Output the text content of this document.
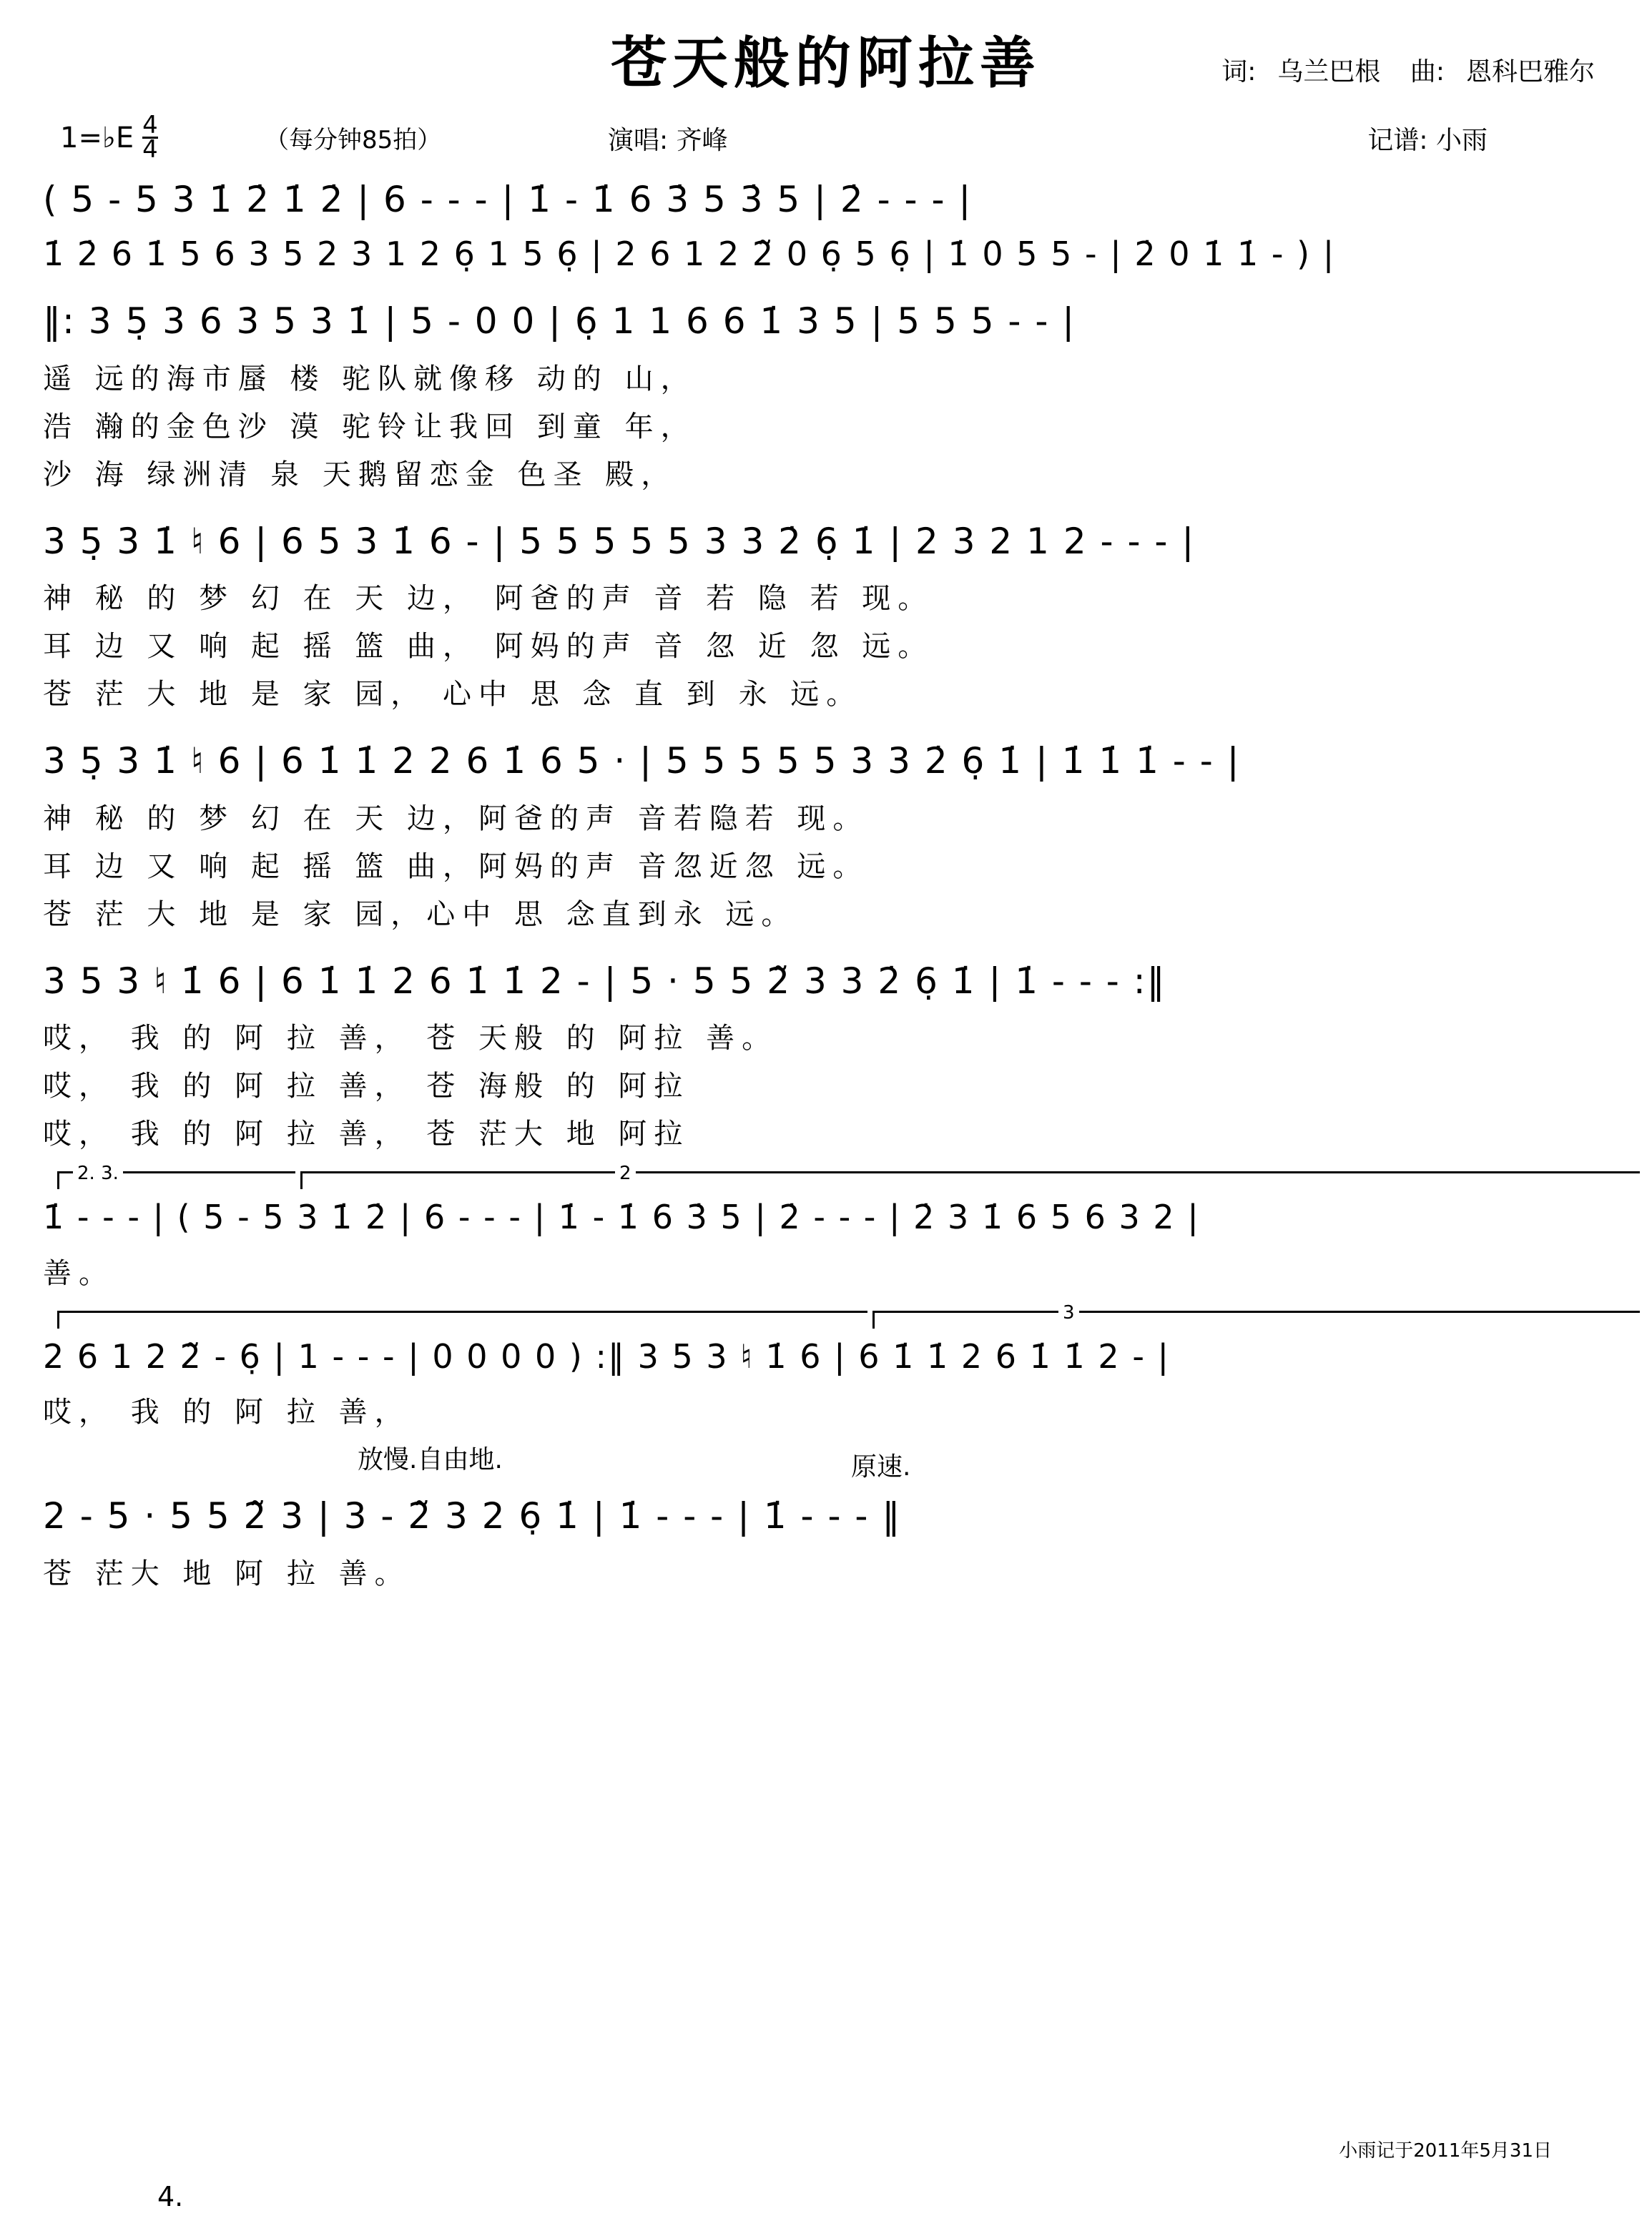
苍天般的阿拉善	词: 乌兰巴根 曲: 恩科巴雅尔
1= ♭E $\frac{4}{4}$	（每分钟85拍）	演唱: 齐峰	记谱: 小雨
( 5 - 5 3 1̇ 2̇ 1̇ 2̇ | 6 - - - | 1̇ - 1̇ 6 3̇ 5 3̇ 5 | 2̇ - - - |
1̇ 2̇ 6 1̇ 5 6 3 5 2 3 1 2 6̣ 1 5 6̣ | 2 6 1 2 2̃ 0 6̣ 5 6̣ | 1̇ 0 5 5 - | 2̇ 0 1̇ 1̇ - ) |
‖: 3 5̣ 3 6 3 5 3 1̇ | 5 - 0 0 | 6̣ 1 1 6 6 1̇ 3 5 | 5 5 5 - - |
遥 远的海市蜃 楼 驼队就像移 动的 山，
浩 瀚的金色沙 漠 驼铃让我回 到童 年，
沙 海 绿洲清 泉 天鹅留恋金 色圣 殿，
3 5̣ 3 1̇ ♮ 6 | 6 5 3 1̇ 6 - | 5 5 5 5 5 3 3 2̇ 6̣ 1̇ | 2 3 2 1 2 - - - |
神 秘 的 梦 幻 在 天 边， 阿爸的声 音 若 隐 若 现。
耳 边 又 响 起 摇 篮 曲， 阿妈的声 音 忽 近 忽 远。
苍 茫 大 地 是 家 园， 心中 思 念 直 到 永 远。
3 5̣ 3 1̇ ♮ 6 | 6 1̇ 1̇ 2 2 6 1̇ 6 5 · | 5 5 5 5 5 3 3 2̇ 6̣ 1̇ | 1̇ 1̇ 1̇ - - |
神 秘 的 梦 幻 在 天 边，阿爸的声 音若隐若 现。
耳 边 又 响 起 摇 篮 曲，阿妈的声 音忽近忽 远。
苍 茫 大 地 是 家 园，心中 思 念直到永 远。
3 5 3 ♮ 1̇ 6 | 6 1̇ 1̇ 2 6 1̇ 1̇ 2 - | 5 · 5 5 2̃ 3 3 2̇ 6̣ 1̇ | 1̇ - - - :‖
哎， 我 的 阿 拉 善， 苍 天般 的 阿拉 善。
哎， 我 的 阿 拉 善， 苍 海般 的 阿拉
哎， 我 的 阿 拉 善， 苍 茫大 地 阿拉
2. 3.	2
1̇ - - - | ( 5 - 5 3 1̇ 2̇ | 6 - - - | 1̇ - 1̇ 6 3̇ 5 | 2̇ - - - | 2̇ 3 1̇ 6 5 6 3 2 |
善。
3
2 6 1 2 2̃ - 6̣ | 1 - - - | 0 0 0 0 ) :‖ 3 5 3 ♮ 1̇ 6 | 6 1̇ 1̇ 2 6 1̇ 1̇ 2 - |
哎， 我 的 阿 拉 善，
放慢.自由地.	原速.
2 - 5 · 5 5 2̃ 3 | 3 - 2̃ 3 2 6̣ 1̇ | 1̇ - - - | 1̇ - - - ‖
苍 茫大 地 阿 拉 善。
小雨记于2011年5月31日
4.
